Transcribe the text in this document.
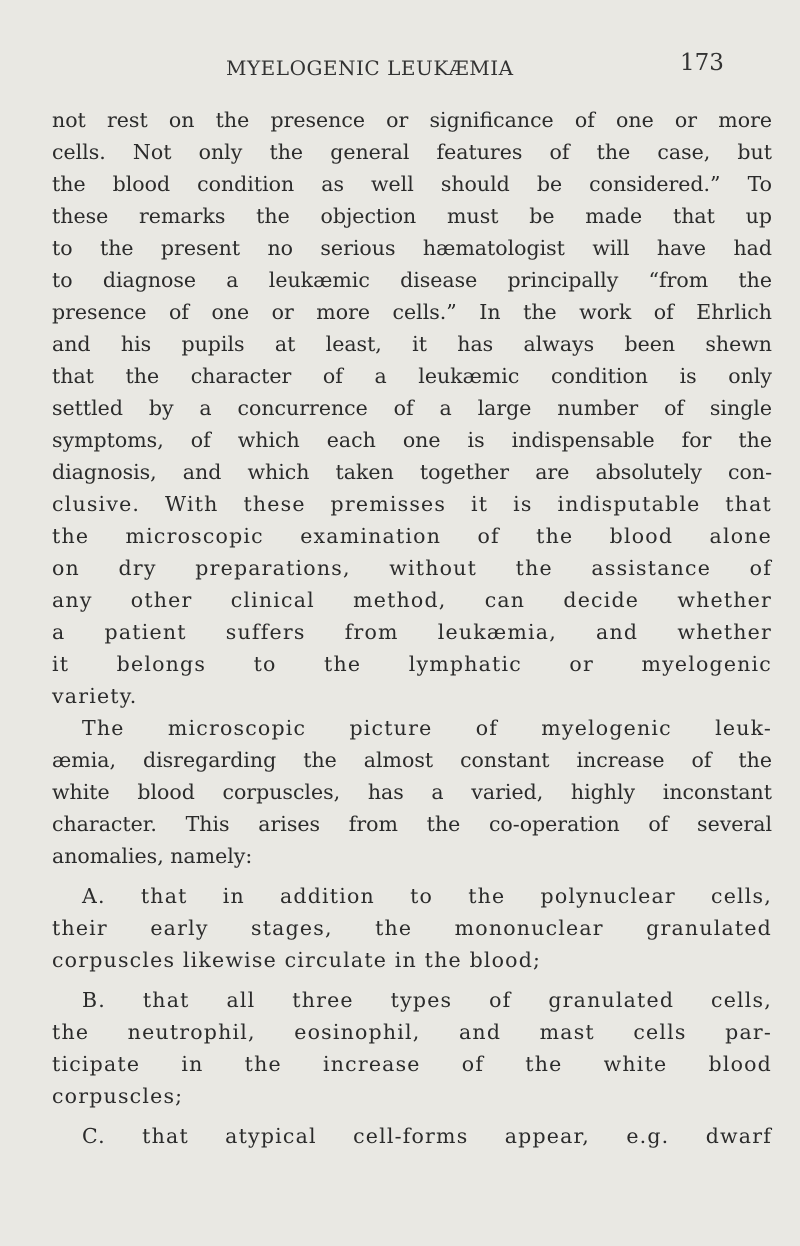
MYELOGENIC LEUKÆMIA	173
not rest on the presence or significance of one or more
cells. Not only the general features of the case, but
the blood condition as well should be considered.” To
these remarks the objection must be made that up
to the present no serious hæmatologist will have had
to diagnose a leukæmic disease principally “from the
presence of one or more cells.” In the work of Ehrlich
and his pupils at least, it has always been shewn
that the character of a leukæmic condition is only
settled by a concurrence of a large number of single
symptoms, of which each one is indispensable for the
diagnosis, and which taken together are absolutely con-
clusive. With these premisses it is indisputable that
the microscopic examination of the blood alone
on dry preparations, without the assistance of
any other clinical method, can decide whether
a patient suffers from leukæmia, and whether
it belongs to the lymphatic or myelogenic
variety.
The microscopic picture of myelogenic leuk-
æmia, disregarding the almost constant increase of the
white blood corpuscles, has a varied, highly inconstant
character. This arises from the co-operation of several
anomalies, namely:
A. that in addition to the polynuclear cells,
their early stages, the mononuclear granulated
corpuscles likewise circulate in the blood;
B. that all three types of granulated cells,
the neutrophil, eosinophil, and mast cells par-
ticipate in the increase of the white blood
corpuscles;
C. that atypical cell-forms appear, e.g. dwarf
